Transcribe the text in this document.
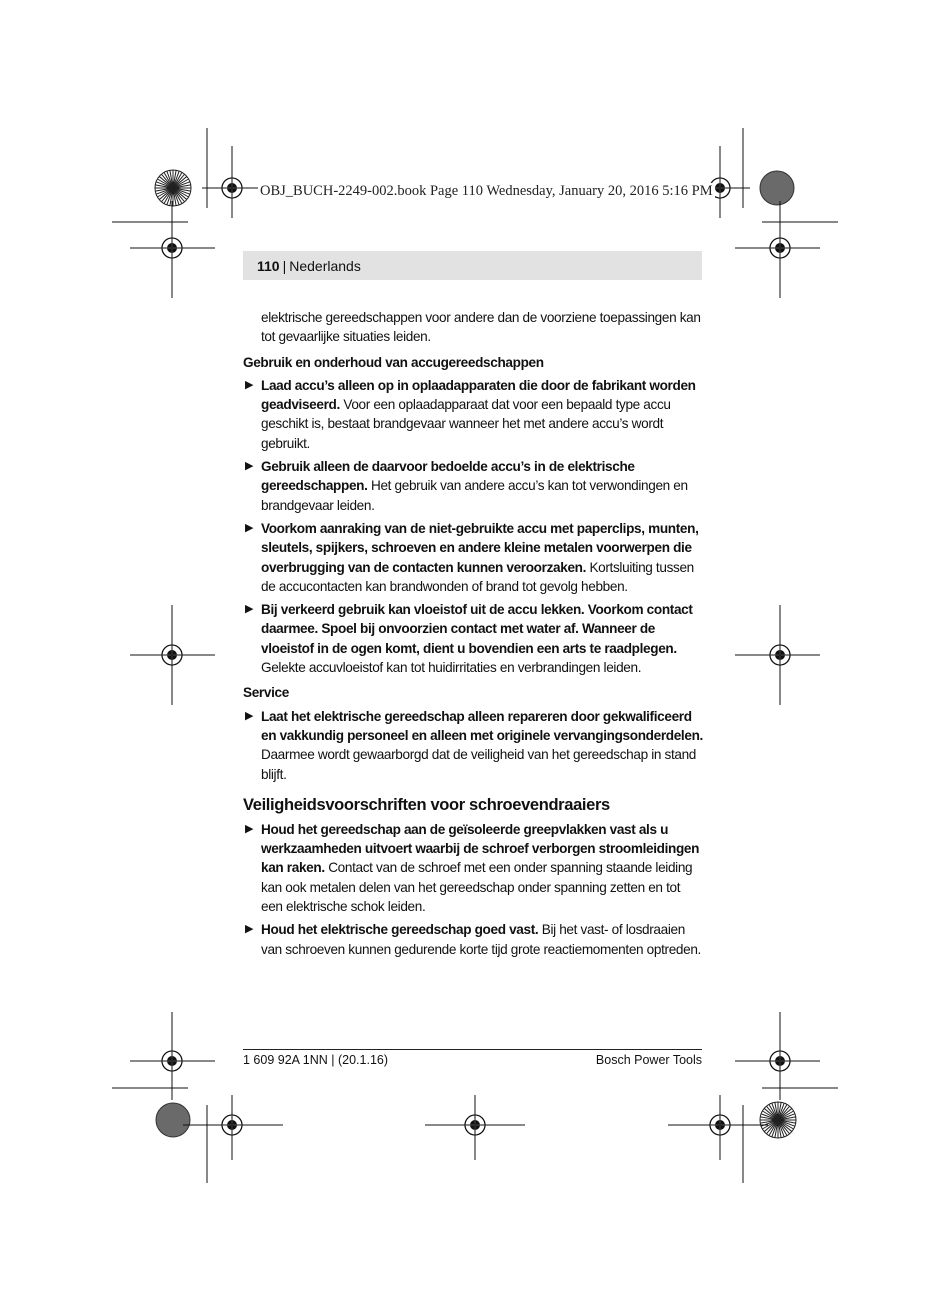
OBJ_BUCH-2249-002.book Page 110 Wednesday, January 20, 2016 5:16 PM
110 | Nederlands

elektrische gereedschappen voor andere dan de voorziene toepassingen kan tot gevaarlijke situaties leiden.

Gebruik en onderhoud van accugereedschappen

▶ Laad accu’s alleen op in oplaadapparaten die door de fabrikant worden geadviseerd. Voor een oplaadapparaat dat voor een bepaald type accu geschikt is, bestaat brandgevaar wanneer het met andere accu’s wordt gebruikt.

▶ Gebruik alleen de daarvoor bedoelde accu’s in de elektrische gereedschappen. Het gebruik van andere accu’s kan tot verwondingen en brandgevaar leiden.

▶ Voorkom aanraking van de niet-gebruikte accu met paperclips, munten, sleutels, spijkers, schroeven en andere kleine metalen voorwerpen die overbrugging van de contacten kunnen veroorzaken. Kortsluiting tussen de accucontacten kan brandwonden of brand tot gevolg hebben.

▶ Bij verkeerd gebruik kan vloeistof uit de accu lekken. Voorkom contact daarmee. Spoel bij onvoorzien contact met water af. Wanneer de vloeistof in de ogen komt, dient u bovendien een arts te raadplegen. Gelekte accuvloeistof kan tot huidirritaties en verbrandingen leiden.

Service

▶ Laat het elektrische gereedschap alleen repareren door gekwalificeerd en vakkundig personeel en alleen met originele vervangingsonderdelen. Daarmee wordt gewaarborgd dat de veiligheid van het gereedschap in stand blijft.

Veiligheidsvoorschriften voor schroevendraaiers

▶ Houd het gereedschap aan de geïsoleerde greepvlakken vast als u werkzaamheden uitvoert waarbij de schroef verborgen stroomleidingen kan raken. Contact van de schroef met een onder spanning staande leiding kan ook metalen delen van het gereedschap onder spanning zetten en tot een elektrische schok leiden.

▶ Houd het elektrische gereedschap goed vast. Bij het vast- of losdraaien van schroeven kunnen gedurende korte tijd grote reactiemomenten optreden.

1 609 92A 1NN | (20.1.16)	Bosch Power Tools
